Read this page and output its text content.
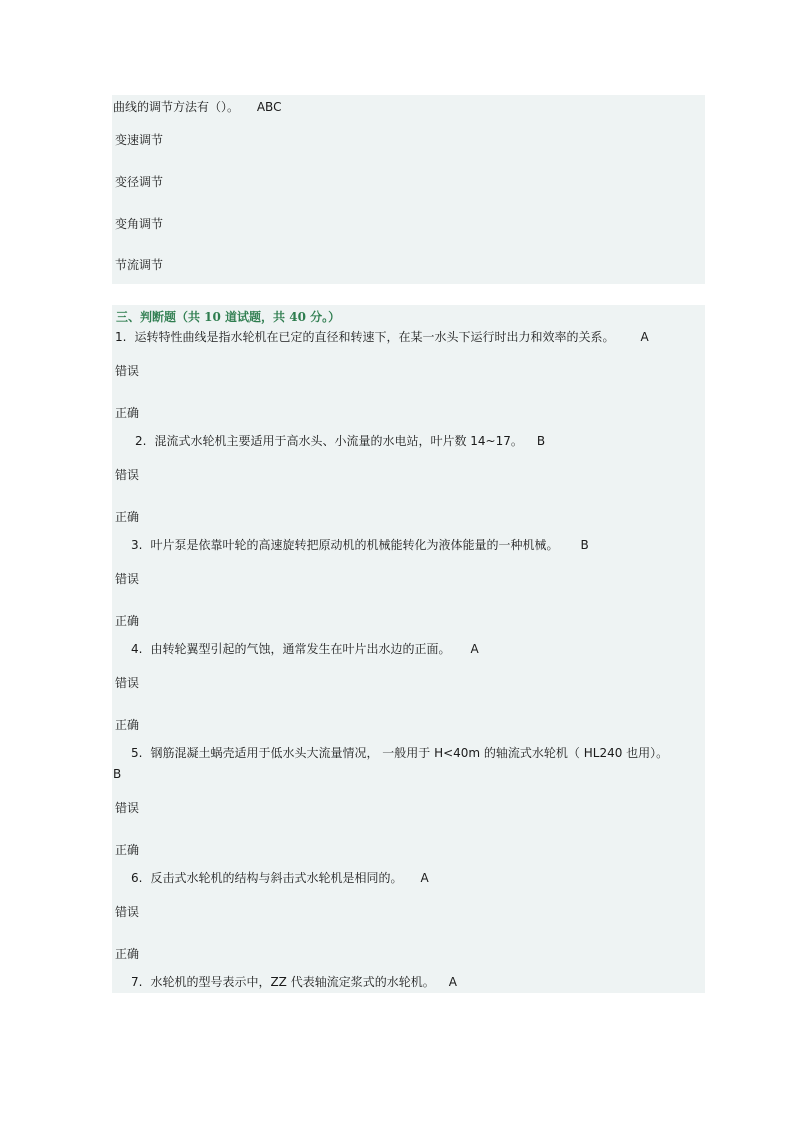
曲线的调节方法有（）。 ABC
变速调节
变径调节
变角调节
节流调节
三、判断题（共 10 道试题，共 40 分。）
1. 运转特性曲线是指水轮机在已定的直径和转速下，在某一水头下运行时出力和效率的关系。 A
错误
正确
2. 混流式水轮机主要适用于高水头、小流量的水电站，叶片数 14~17。 B
错误
正确
3. 叶片泵是依靠叶轮的高速旋转把原动机的机械能转化为液体能量的一种机械。 B
错误
正确
4. 由转轮翼型引起的气蚀，通常发生在叶片出水边的正面。 A
错误
正确
5. 钢筋混凝土蜗壳适用于低水头大流量情况， 一般用于 H<40m 的轴流式水轮机（ HL240 也用）。
B
错误
正确
6. 反击式水轮机的结构与斜击式水轮机是相同的。 A
错误
正确
7. 水轮机的型号表示中，ZZ 代表轴流定浆式的水轮机。 A
